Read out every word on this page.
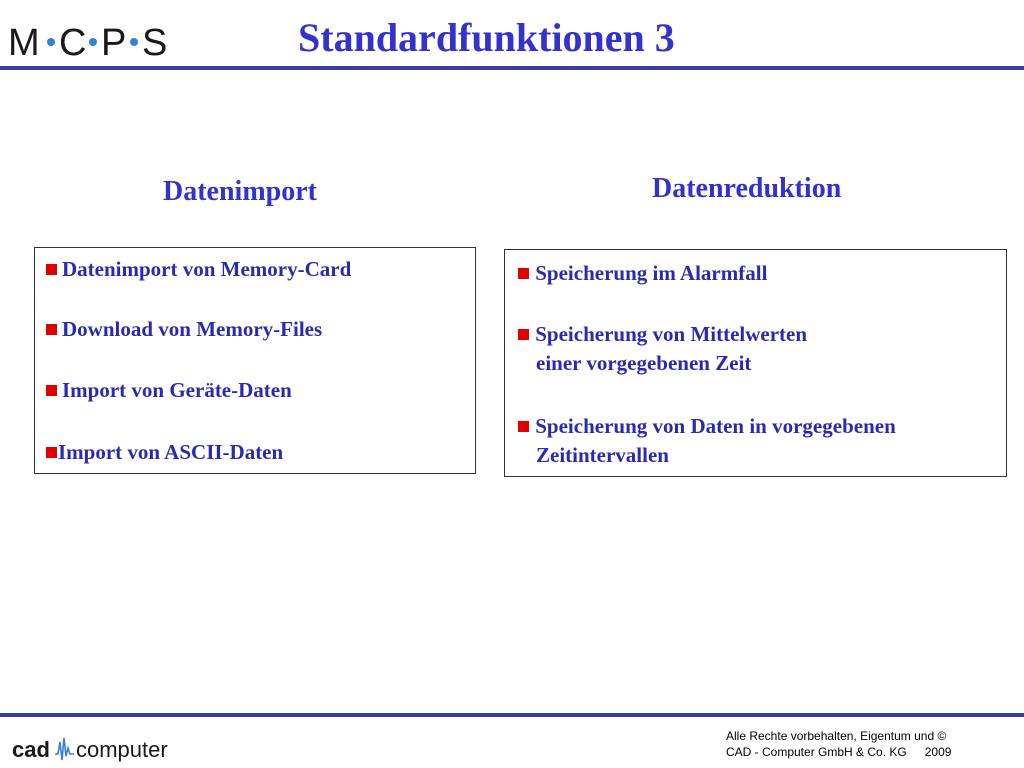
M C P S	Standardfunktionen 3
Datenimport	Datenreduktion
Datenimport von Memory-Card
Download von Memory-Files
Import von Geräte-Daten
Import von ASCII-Daten
Speicherung im Alarmfall
Speicherung von Mittelwerten
einer vorgegebenen Zeit
Speicherung von Daten in vorgegebenen
Zeitintervallen
cad computer
Alle Rechte vorbehalten, Eigentum und ©
CAD - Computer GmbH & Co. KG 2009
